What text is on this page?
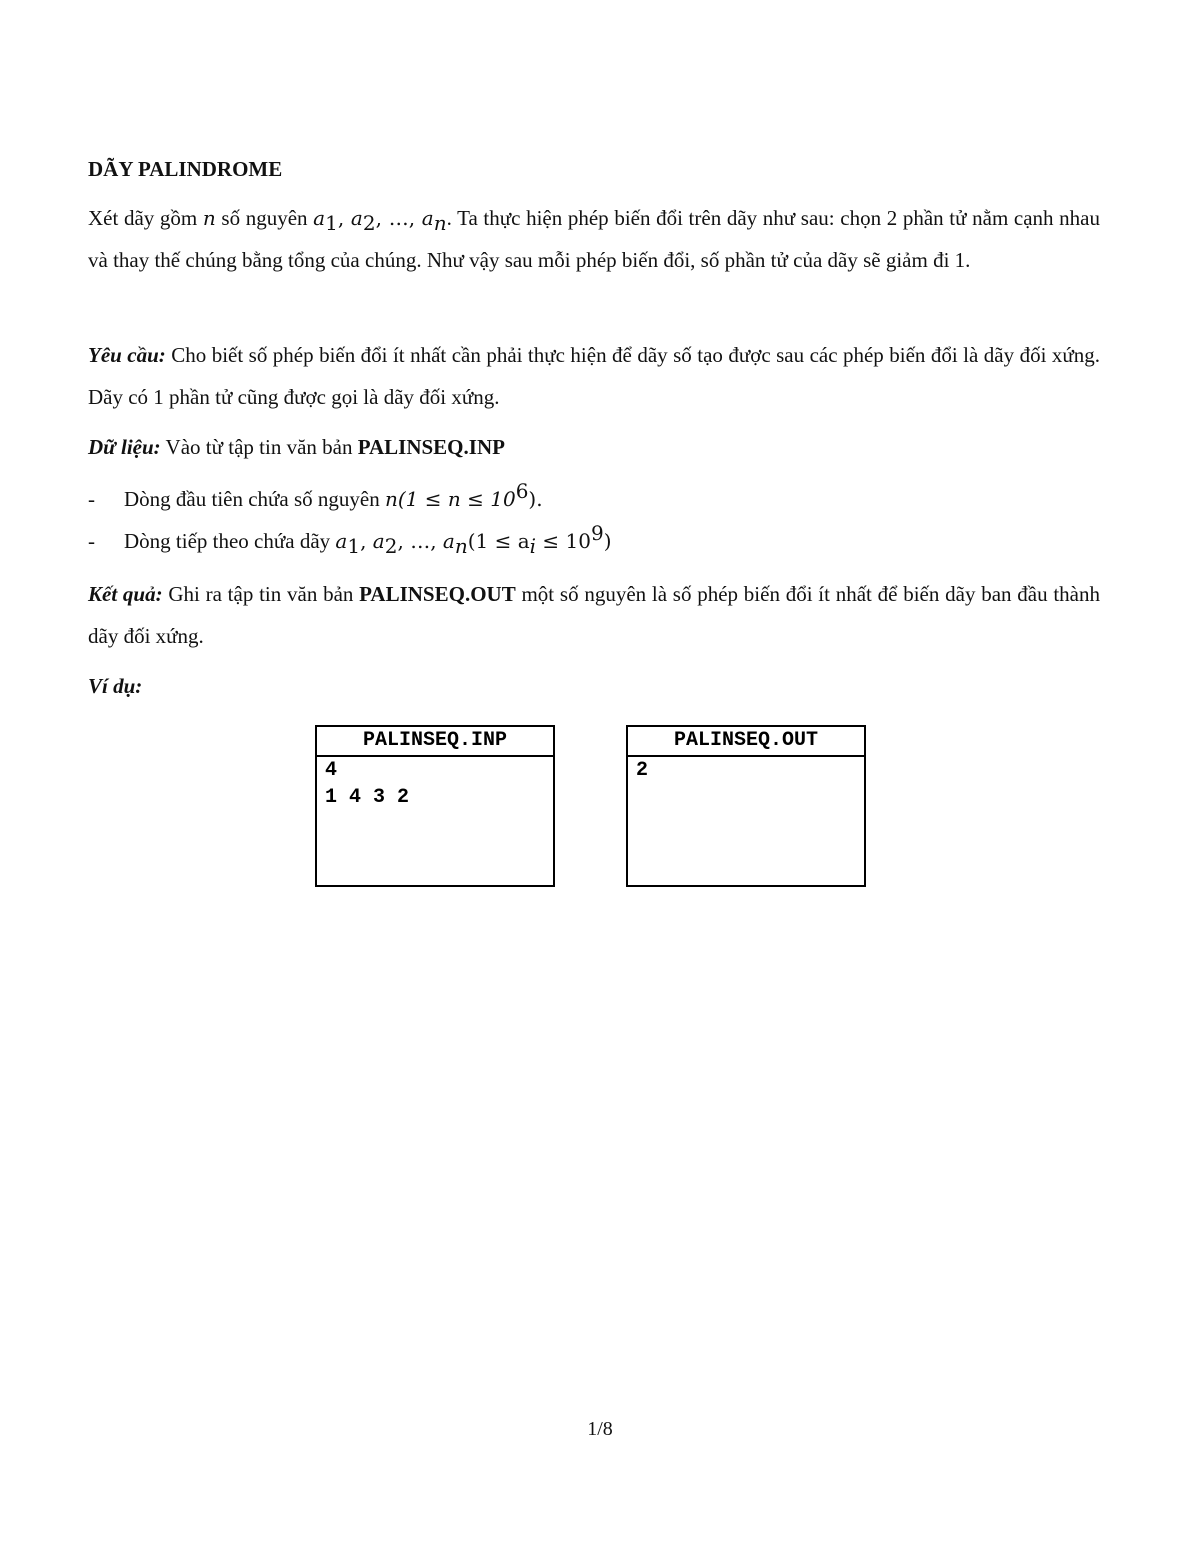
DÃY PALINDROME
Xét dãy gồm n số nguyên $a_1$, $a_2$, …, $a_n$. Ta thực hiện phép biến đổi trên dãy như sau: chọn 2 phần tử nằm cạnh nhau và thay thế chúng bằng tổng của chúng. Như vậy sau mỗi phép biến đổi, số phần tử của dãy sẽ giảm đi 1.
Yêu cầu: Cho biết số phép biến đổi ít nhất cần phải thực hiện để dãy số tạo được sau các phép biến đổi là dãy đối xứng. Dãy có 1 phần tử cũng được gọi là dãy đối xứng.
Dữ liệu: Vào từ tập tin văn bản PALINSEQ.INP
- Dòng đầu tiên chứa số nguyên $n(1 \le n \le 10^6)$.
- Dòng tiếp theo chứa dãy $a_1$, $a_2$, …, $a_n(1 \le a_i \le 10^9)$
Kết quả: Ghi ra tập tin văn bản PALINSEQ.OUT một số nguyên là số phép biến đổi ít nhất để biến dãy ban đầu thành dãy đối xứng.
Ví dụ:
PALINSEQ.INP
4
1 4 3 2
PALINSEQ.OUT
2
1/8
